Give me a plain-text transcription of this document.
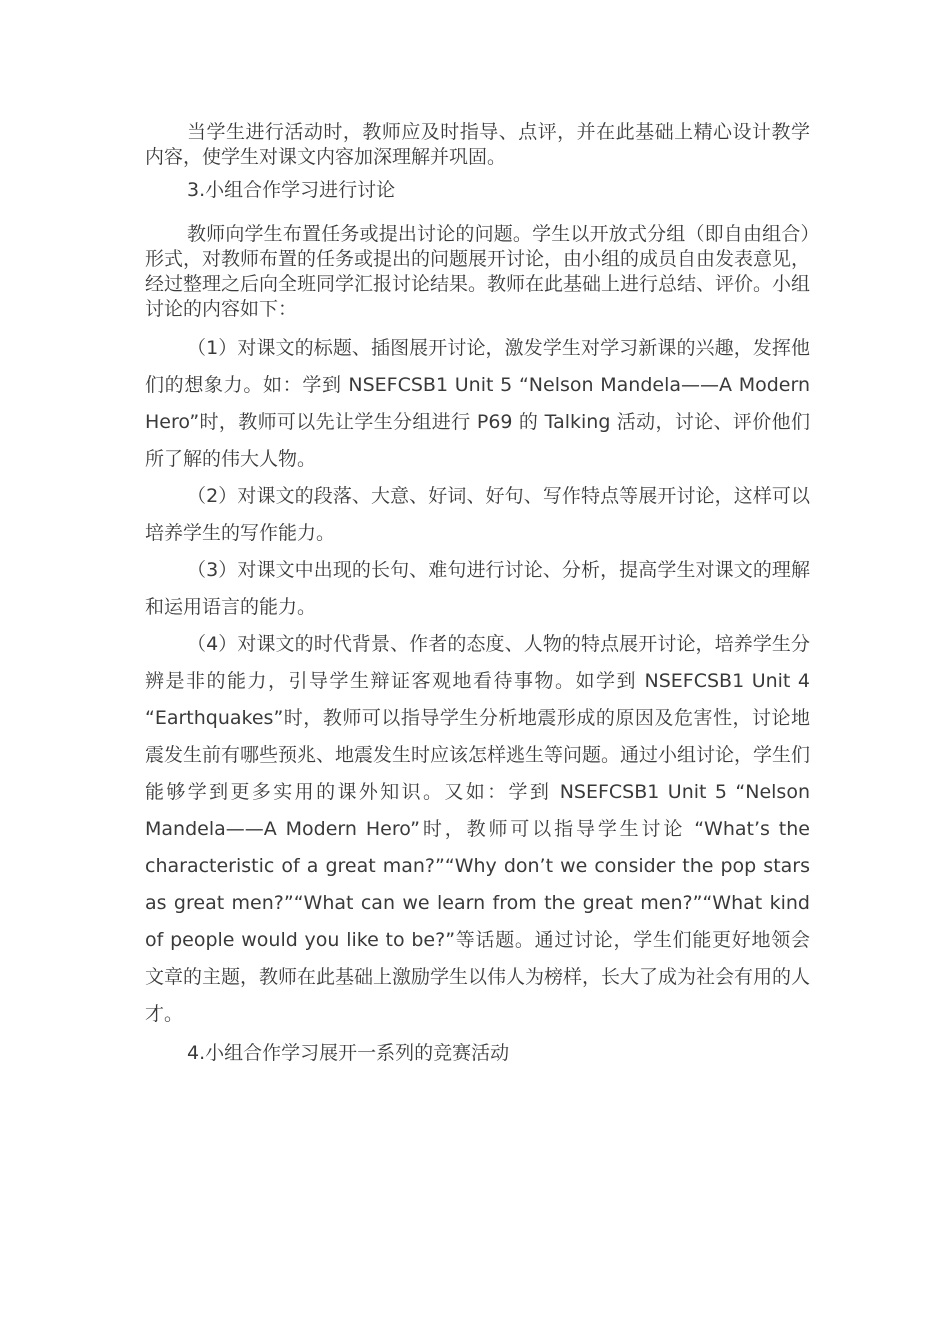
当学生进行活动时，教师应及时指导、点评，并在此基础上精心设计教学内容，使学生对课文内容加深理解并巩固。

3.小组合作学习进行讨论

教师向学生布置任务或提出讨论的问题。学生以开放式分组（即自由组合）形式，对教师布置的任务或提出的问题展开讨论，由小组的成员自由发表意见，经过整理之后向全班同学汇报讨论结果。教师在此基础上进行总结、评价。小组讨论的内容如下：

（1）对课文的标题、插图展开讨论，激发学生对学习新课的兴趣，发挥他们的想象力。如：学到 NSEFCSB1 Unit 5 “Nelson Mandela——A Modern Hero”时，教师可以先让学生分组进行 P69 的 Talking 活动，讨论、评价他们所了解的伟大人物。

（2）对课文的段落、大意、好词、好句、写作特点等展开讨论，这样可以培养学生的写作能力。

（3）对课文中出现的长句、难句进行讨论、分析，提高学生对课文的理解和运用语言的能力。

（4）对课文的时代背景、作者的态度、人物的特点展开讨论，培养学生分辨是非的能力，引导学生辩证客观地看待事物。如学到 NSEFCSB1 Unit 4 “Earthquakes”时，教师可以指导学生分析地震形成的原因及危害性，讨论地震发生前有哪些预兆、地震发生时应该怎样逃生等问题。通过小组讨论，学生们能够学到更多实用的课外知识。又如：学到 NSEFCSB1 Unit 5 “Nelson Mandela——A Modern Hero”时，教师可以指导学生讨论 “What’s the characteristic of a great man?”“Why don’t we consider the pop stars as great men?”“What can we learn from the great men?”“What kind of people would you like to be?”等话题。通过讨论，学生们能更好地领会文章的主题，教师在此基础上激励学生以伟人为榜样，长大了成为社会有用的人才。

4.小组合作学习展开一系列的竞赛活动
